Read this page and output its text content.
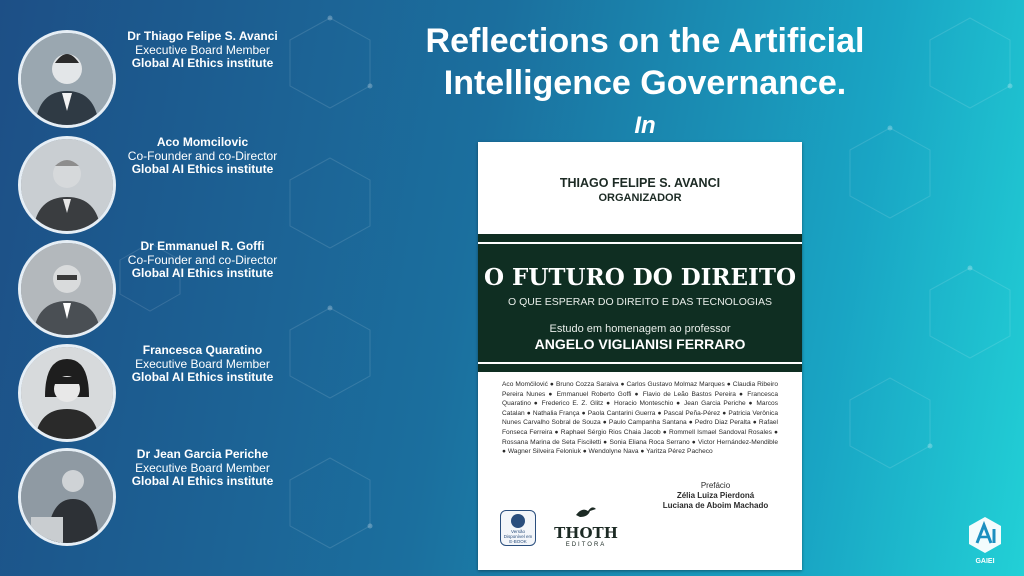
Dr Thiago Felipe S. Avanci
Executive Board Member
Global AI Ethics institute
Aco Momcilovic
Co-Founder and co-Director
Global AI Ethics institute
Dr Emmanuel R. Goffi
Co-Founder and co-Director
Global AI Ethics institute
Francesca Quaratino
Executive Board Member
Global AI Ethics institute
Dr Jean Garcia Periche
Executive Board Member
Global AI Ethics institute
Reflections on the Artificial Intelligence Governance.
In
THIAGO FELIPE S. AVANCI
ORGANIZADOR
O FUTURO DO DIREITO
O QUE ESPERAR DO DIREITO E DAS TECNOLOGIAS
Estudo em homenagem ao professor
ANGELO VIGLIANISI FERRARO
Aco Momčilović ● Bruno Cozza Saraiva ● Carlos Gustavo Molmaz Marques ● Claudia Ribeiro Pereira Nunes ● Emmanuel Roberto Goffi ● Flavio de Leão Bastos Pereira ● Francesca Quaratino ● Frederico E. Z. Glitz ● Horacio Monteschio ● Jean Garcia Periche ● Marcos Catalan ● Nathalia França ● Paola Cantarini Guerra ● Pascal Peña-Pérez ● Patricia Verônica Nunes Carvalho Sobral de Souza ● Paulo Campanha Santana ● Pedro Diaz Peralta ● Rafael Fonseca Ferreira ● Raphael Sérgio Rios Chaia Jacob ● Rommell Ismael Sandoval Rosales ● Rossana Marina de Seta Fisciletti ● Sonia Eliana Roca Serrano ● Victor Hernández-Mendible ● Wagner Silveira Feloniuk ● Wendolyne Nava ● Yaritza Pérez Pacheco
Prefácio
Zélia Luiza Pierdoná
Luciana de Aboim Machado
Versão Disponível em E-BOOK	THOTH
EDITORA
GAIEI
